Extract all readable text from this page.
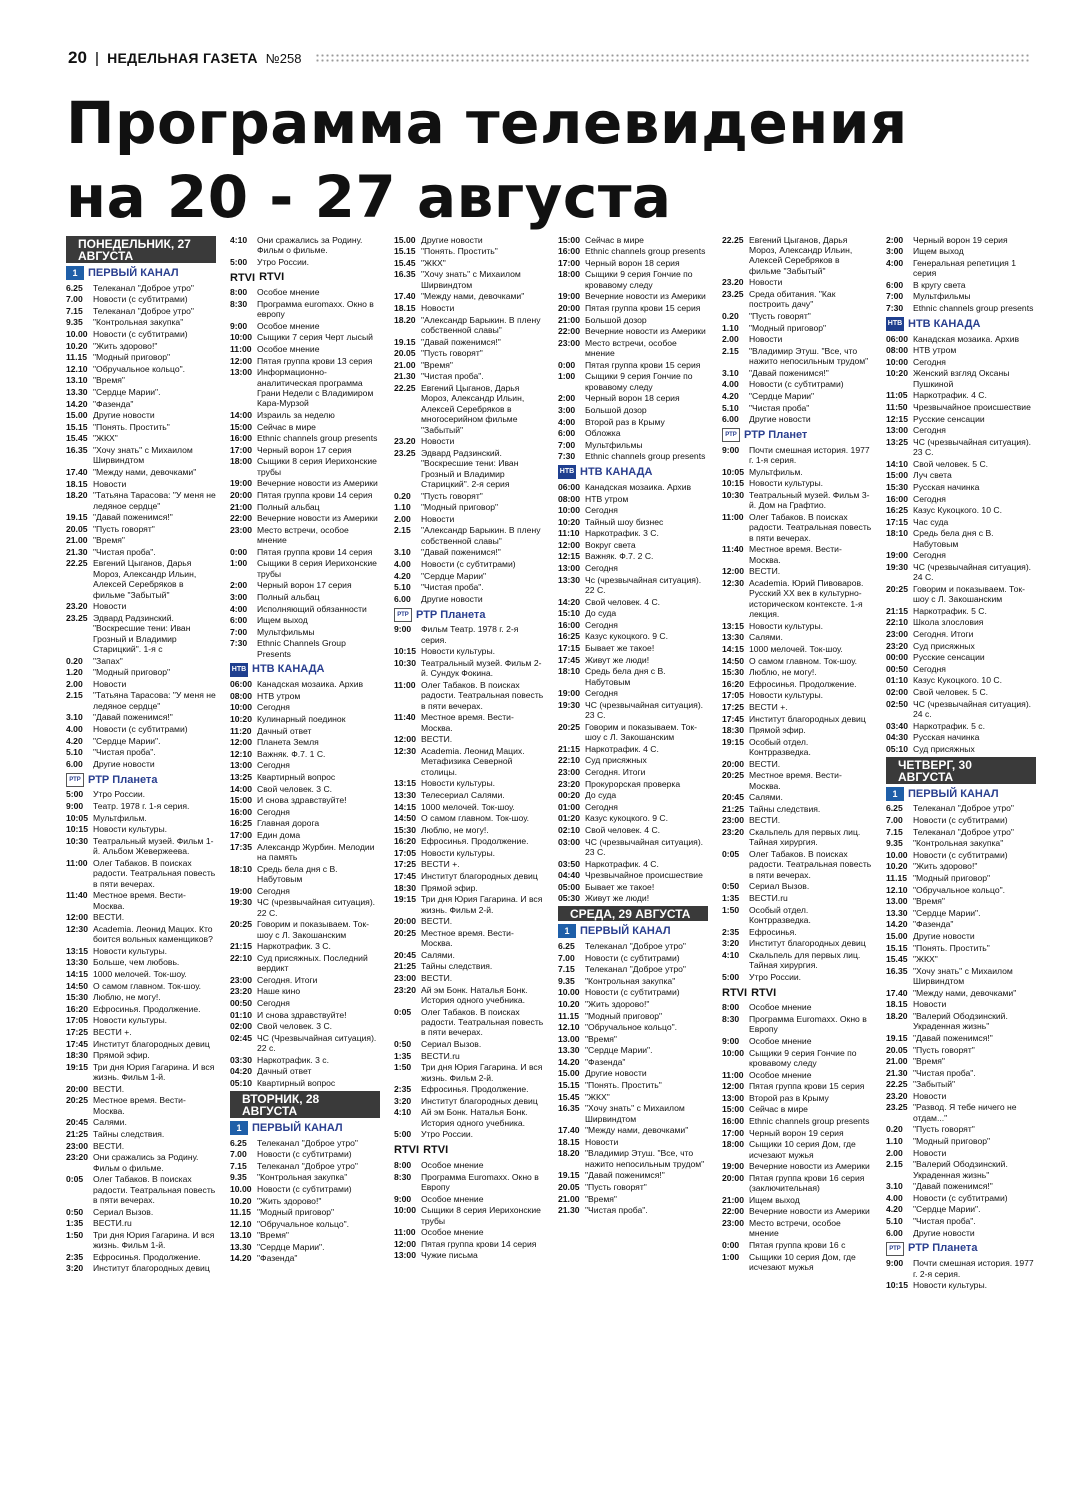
20 | НЕДЕЛЬНАЯ ГАЗЕТА №258
Программа телевидения
на 20 - 27 августа
ПОНЕДЕЛЬНИК, 27 АВГУСТА
1 ПЕРВЫЙ КАНАЛ
6.25	Телеканал "Доброе утро"
7.00	Новости (с субтитрами)
7.15	Телеканал "Доброе утро"
9.35	"Контрольная закупка"
10.00 Новости (с субтитрами)
10.20 "Жить здорово!"
11.15 "Модный приговор"
12.10 "Обручальное кольцо".
13.10 "Время"
13.30 "Сердце Марии".
14.20 "Фазенда"
15.00 Другие новости
15.15 "Понять. Простить"
15.45 "ЖКХ"
16.35 "Хочу знать" с Михаилом Ширвиндтом
17.40 "Между нами, девочками"
18.15 Новости
18.20 "Татьяна Тарасова: "У меня не ледяное сердце"
19.15 "Давай поженимся!"
20.05 "Пусть говорят"
21.00 "Время"
21.30 "Чистая проба".
22.25 Евгений Цыганов, Дарья Мороз, Александр Ильин, Алексей Серебряков в фильме "Забытый"
23.20 Новости
23.25 Эдвард Радзинский. "Воскресшие тени: Иван Грозный и Владимир Старицкий". 1-я с
0.20	"Запах"
1.20	"Модный приговор"
2.00	Новости
2.15	"Татьяна Тарасова: "У меня не ледяное сердце"
3.10	"Давай поженимся!"
4.00	Новости (с субтитрами)
4.20	"Сердце Марии".
5.10	"Чистая проба".
6.00	Другие новости
РТР РТР Планета
5:00	Утро России.
9:00	Театр. 1978 г. 1-я серия.
10:05 Мультфильм.
10:15 Новости культуры.
10:30 Театральный музей. Фильм 1-й. Альбом Жевержеева.
11:00 Олег Табаков. В поисках радости. Театральная повесть в пяти вечерах.
11:40 Местное время. Вести-Москва.
12:00 ВЕСТИ.
12:30 Academia. Леонид Мацих. Кто боится вольных каменщиков?
13:15 Новости культуры.
13:30 Больше, чем любовь.
14:15 1000 мелочей. Ток-шоу.
14:50 О самом главном. Ток-шоу.
15:30 Люблю, не могу!.
16:20 Ефросинья. Продолжение.
17:05 Новости культуры.
17:25 ВЕСТИ +.
17:45 Институт благородных девиц
18:30 Прямой эфир.
19:15 Три дня Юрия Гагарина. И вся жизнь. Фильм 1-й.
20:00 ВЕСТИ.
20:25 Местное время. Вести-Москва.
20:45 Салями.
21:25 Тайны следствия.
23:00 ВЕСТИ.
23:20 Они сражались за Родину. Фильм о фильме.
0:05	Олег Табаков. В поисках радости. Театральная повесть в пяти вечерах.
0:50	Сериал Вызов.
1:35	ВЕСТИ.ru
1:50	Три дня Юрия Гагарина. И вся жизнь. Фильм 1-й.
2:35	Ефросинья. Продолжение.
3:20	Институт благородных девиц
4:10	Они сражались за Родину. Фильм о фильме.
5:00	Утро России.
RTVI RTVI
8:00	Особое мнение
8:30	Программа euromaxx. Окно в европу
9:00	Особое мнение
10:00 Сыщики 7 серия Черт лысый
11:00 Особое мнение
12:00 Пятая группа крови 13 серия
13:00 Информационно-аналитическая программа Грани Недели с Владимиром Кара-Мурзой
14:00 Израиль за неделю
15:00 Сейчас в мире
16:00 Ethnic channels group presents
17:00 Черный ворон 17 серия
18:00 Сыщики 8 серия Иерихонские трубы
19:00 Вечерние новости из Америки
20:00 Пятая группа крови 14 серия
21:00 Полный альбац
22:00 Вечерние новости из Америки
23:00 Место встречи, особое мнение
0:00	Пятая группа крови 14 серия
1:00	Сыщики 8 серия Иерихонские трубы
2:00	Черный ворон 17 серия
3:00	Полный альбац
4:00	Исполняющий обязанности
6:00	Ищем выход
7:00	Мультфильмы
7:30	Ethnic Channels Group Presents
НТВ НТВ КАНАДА
06:00 Канадская мозаика. Архив
08:00 НТВ утром
10:00 Сегодня
10:20 Кулинарный поединок
11:20 Дачный ответ
12:00 Планета Земля
12:10 Важняк. Ф.7. 1 С.
13:00 Сегодня
13:25 Квартирный вопрос
14:00 Свой человек. 3 С.
15:00 И снова здравствуйте!
16:00 Сегодня
16:25 Главная дорога
17:00 Един дома
17:35 Александр Журбин. Мелодии на память
18:10 Средь бела дня с В. Набутовым
19:00 Сегодня
19:30 ЧС (чрезвычайная ситуация). 22 С.
20:25 Говорим и показываем. Ток-шоу с Л. Закошанским
21:15 Наркотрафик. 3 С.
22:10 Суд присяжных. Последний вердикт
23:00 Сегодня. Итоги
23:20 Наше кино
00:50 Сегодня
01:10 И снова здравствуйте!
02:00 Свой человек. 3 С.
02:45 ЧС (Чрезвычайная ситуация). 22 с.
03:30 Наркотрафик. 3 с.
04:20 Дачный ответ
05:10 Квартирный вопрос
ВТОРНИК, 28 АВГУСТА
1 ПЕРВЫЙ КАНАЛ
6.25	Телеканал "Доброе утро"
7.00	Новости (с субтитрами)
7.15	Телеканал "Доброе утро"
9.35	"Контрольная закупка"
10.00 Новости (с субтитрами)
10.20 "Жить здорово!"
11.15 "Модный приговор"
12.10 "Обручальное кольцо".
13.10 "Время"
13.30 "Сердце Марии".
14.20 "Фазенда"
15.00 Другие новости
15.15 "Понять. Простить"
15.45 "ЖКХ"
16.35 "Хочу знать" с Михаилом Ширвиндтом
17.40 "Между нами, девочками"
18.15 Новости
18.20 "Александр Барыкин. В плену собственной славы"
19.15 "Давай поженимся!"
20.05 "Пусть говорят"
21.00 "Время"
21.30 "Чистая проба".
22.25 Евгений Цыганов, Дарья Мороз, Александр Ильин, Алексей Серебряков в многосерийном фильме "Забытый"
23.20 Новости
23.25 Эдвард Радзинский. "Воскресшие тени: Иван Грозный и Владимир Старицкий". 2-я серия
0.20	"Пусть говорят"
1.10	"Модный приговор"
2.00	Новости
2.15	"Александр Барыкин. В плену собственной славы"
3.10	"Давай поженимся!"
4.00	Новости (с субтитрами)
4.20	"Сердце Марии"
5.10	"Чистая проба".
6.00	Другие новости
РТР РТР Планета
9:00	Фильм Театр. 1978 г. 2-я серия.
10:15 Новости культуры.
10:30 Театральный музей. Фильм 2-й. Сундук Фокина.
11:00 Олег Табаков. В поисках радости. Театральная повесть в пяти вечерах.
11:40 Местное время. Вести-Москва.
12:00 ВЕСТИ.
12:30 Academia. Леонид Мацих. Метафизика Северной столицы.
13:15 Новости культуры.
13:30 Телесериал Салями.
14:15 1000 мелочей. Ток-шоу.
14:50 О самом главном. Ток-шоу.
15:30 Люблю, не могу!.
16:20 Ефросинья. Продолжение.
17:05 Новости культуры.
17:25 ВЕСТИ +.
17:45 Институт благородных девиц
18:30 Прямой эфир.
19:15 Три дня Юрия Гагарина. И вся жизнь. Фильм 2-й.
20:00 ВЕСТИ.
20:25 Местное время. Вести-Москва.
20:45 Салями.
21:25 Тайны следствия.
23:00 ВЕСТИ.
23:20 Ай эм Бонк. Наталья Бонк. История одного учебника.
0:05	Олег Табаков. В поисках радости. Театральная повесть в пяти вечерах.
0:50	Сериал Вызов.
1:35	ВЕСТИ.ru
1:50	Три дня Юрия Гагарина. И вся жизнь. Фильм 2-й.
2:35	Ефросинья. Продолжение.
3:20	Институт благородных девиц
4:10	Ай эм Бонк. Наталья Бонк. История одного учебника.
5:00	Утро России.
RTVI RTVI
8:00	Особое мнение
8:30	Программа Euromaxx. Окно в Европу
9:00	Особое мнение
10:00 Сыщики 8 серия Иерихонские трубы
11:00 Особое мнение
12:00 Пятая группа крови 14 серия
13:00 Чужие письма
15:00 Сейчас в мире
16:00 Ethnic channels group presents
17:00 Черный ворон 18 серия
18:00 Сыщики 9 серия Гончие по кровавому следу
19:00 Вечерние новости из Америки
20:00 Пятая группа крови 15 серия
21:00 Большой дозор
22:00 Вечерние новости из Америки
23:00 Место встречи, особое мнение
0:00	Пятая группа крови 15 серия
1:00	Сыщики 9 серия Гончие по кровавому следу
2:00	Черный ворон 18 серия
3:00	Большой дозор
4:00	Второй раз в Крыму
6:00	Обложка
7:00	Мультфильмы
7:30	Ethnic channels group presents
НТВ НТВ КАНАДА
06:00 Канадская мозаика. Архив
08:00 НТВ утром
10:00 Сегодня
10:20 Тайный шоу бизнес
11:10 Наркотрафик. 3 С.
12:00 Вокруг света
12:15 Важняк. Ф.7. 2 С.
13:00 Сегодня
13:30 Чс (чрезвычайная ситуация). 22 С.
14:20 Свой человек. 4 С.
15:10 До суда
16:00 Сегодня
16:25 Казус кукоцкого. 9 С.
17:15 Бывает же такое!
17:45 Живут же люди!
18:10 Средь бела дня с В. Набутовым
19:00 Сегодня
19:30 ЧС (чрезвычайная ситуация). 23 С.
20:25 Говорим и показываем. Ток-шоу с Л. Закошанским
21:15 Наркотрафик. 4 С.
22:10 Суд присяжных
23:00 Сегодня. Итоги
23:20 Прокурорская проверка
00:20 До суда
01:00 Сегодня
01:20 Казус кукоцкого. 9 С.
02:10 Свой человек. 4 С.
03:00 ЧС (чрезвычайная ситуация). 23 С.
03:50 Наркотрафик. 4 С.
04:40 Чрезвычайное происшествие
05:00 Бывает же такое!
05:30 Живут же люди!
СРЕДА, 29 АВГУСТА
1 ПЕРВЫЙ КАНАЛ
6.25	Телеканал "Доброе утро"
7.00	Новости (с субтитрами)
7.15	Телеканал "Доброе утро"
9.35	"Контрольная закупка"
10.00 Новости (с субтитрами)
10.20 "Жить здорово!"
11.15 "Модный приговор"
12.10 "Обручальное кольцо".
13.00 "Время"
13.30 "Сердце Марии".
14.20 "Фазенда"
15.00 Другие новости
15.15 "Понять. Простить"
15.45 "ЖКХ"
16.35 "Хочу знать" с Михаилом Ширвиндтом
17.40 "Между нами, девочками"
18.15 Новости
18.20 "Владимир Этуш. "Все, что нажито непосильным трудом"
19.15 "Давай поженимся!"
20.05 "Пусть говорят"
21.00 "Время"
21.30 "Чистая проба".
22.25 Евгений Цыганов, Дарья Мороз, Александр Ильин, Алексей Серебряков в фильме "Забытый"
23.20 Новости
23.25 Среда обитания. "Как построить дачу"
0.20	"Пусть говорят"
1.10	"Модный приговор"
2.00	Новости
2.15	"Владимир Этуш. "Все, что нажито непосильным трудом"
3.10	"Давай поженимся!"
4.00	Новости (с субтитрами)
4.20	"Сердце Марии"
5.10	"Чистая проба"
6.00	Другие новости
РТР РТР Планет
9:00	Почти смешная история. 1977 г. 1-я серия.
10:05 Мультфильм.
10:15 Новости культуры.
10:30 Театральный музей. Фильм 3-й. Дом на Графтио.
11:00 Олег Табаков. В поисках радости. Театральная повесть в пяти вечерах.
11:40 Местное время. Вести-Москва.
12:00 ВЕСТИ.
12:30 Academia. Юрий Пивоваров. Русский XX век в культурно-историческом контексте. 1-я лекция.
13:15 Новости культуры.
13:30 Салями.
14:15 1000 мелочей. Ток-шоу.
14:50 О самом главном. Ток-шоу.
15:30 Люблю, не могу!.
16:20 Ефросинья. Продолжение.
17:05 Новости культуры.
17:25 ВЕСТИ +.
17:45 Институт благородных девиц
18:30 Прямой эфир.
19:15 Особый отдел. Контрразведка.
20:00 ВЕСТИ.
20:25 Местное время. Вести-Москва.
20:45 Салями.
21:25 Тайны следствия.
23:00 ВЕСТИ.
23:20 Скальпель для первых лиц. Тайная хирургия.
0:05	Олег Табаков. В поисках радости. Театральная повесть в пяти вечерах.
0:50	Сериал Вызов.
1:35	ВЕСТИ.ru
1:50	Особый отдел. Контрразведка.
2:35	Ефросинья.
3:20	Институт благородных девиц
4:10	Скальпель для первых лиц. Тайная хирургия.
5:00	Утро России.
RTVI RTVI
8:00	Особое мнение
8:30	Программа Euromaxx. Окно в Европу
9:00	Особое мнение
10:00 Сыщики 9 серия Гончие по кровавому следу
11:00 Особое мнение
12:00 Пятая группа крови 15 серия
13:00 Второй раз в Крыму
15:00 Сейчас в мире
16:00 Ethnic channels group presents
17:00 Черный ворон 19 серия
18:00 Сыщики 10 серия Дом, где исчезают мужья
19:00 Вечерние новости из Америки
20:00 Пятая группа крови 16 серия (заключительная)
21:00 Ищем выход
22:00 Вечерние новости из Америки
23:00 Место встречи, особое мнение
0:00	Пятая группа крови 16 с
1:00	Сыщики 10 серия Дом, где исчезают мужья
2:00	Черный ворон 19 серия
3:00	Ищем выход
4:00	Генеральная репетиция 1 серия
6:00	В кругу света
7:00	Мультфильмы
7:30	Ethnic channels group presents
НТВ НТВ КАНАДА
06:00 Канадская мозаика. Архив
08:00 НТВ утром
10:00 Сегодня
10:20 Женский взгляд Оксаны Пушкиной
11:05 Наркотрафик. 4 С.
11:50 Чрезвычайное происшествие
12:15 Русские сенсации
13:00 Сегодня
13:25 ЧС (чрезвычайная ситуация). 23 С.
14:10 Свой человек. 5 С.
15:00 Луч света
15:30 Русская начинка
16:00 Сегодня
16:25 Казус Кукоцкого. 10 С.
17:15 Час суда
18:10 Средь бела дня с В. Набутовым
19:00 Сегодня
19:30 ЧС (чрезвычайная ситуация). 24 С.
20:25 Говорим и показываем. Ток-шоу с Л. Закошанским
21:15 Наркотрафик. 5 С.
22:10 Школа злословия
23:00 Сегодня. Итоги
23:20 Суд присяжных
00:00 Русские сенсации
00:50 Сегодня
01:10 Казус Кукоцкого. 10 С.
02:00 Свой человек. 5 С.
02:50 ЧС (чрезвычайная ситуация). 24 с.
03:40 Наркотрафик. 5 с.
04:30 Русская начинка
05:10 Суд присяжных
ЧЕТВЕРГ, 30 АВГУСТА
1 ПЕРВЫЙ КАНАЛ
6.25	Телеканал "Доброе утро"
7.00	Новости (с субтитрами)
7.15	Телеканал "Доброе утро"
9.35	"Контрольная закупка"
10.00 Новости (с субтитрами)
10.20 "Жить здорово!"
11.15 "Модный приговор"
12.10 "Обручальное кольцо".
13.00 "Время"
13.30 "Сердце Марии".
14.20 "Фазенда"
15.00 Другие новости
15.15 "Понять. Простить"
15.45 "ЖКХ"
16.35 "Хочу знать" с Михаилом Ширвиндтом
17.40 "Между нами, девочками"
18.15 Новости
18.20 "Валерий Ободзинский. Украденная жизнь"
19.15 "Давай поженимся!"
20.05 "Пусть говорят"
21.00 "Время"
21.30 "Чистая проба".
22.25 "Забытый"
23.20 Новости
23.25 "Развод. Я тебе ничего не отдам..."
0.20	"Пусть говорят"
1.10	"Модный приговор"
2.00	Новости
2.15	"Валерий Ободзинский. Украденная жизнь"
3.10	"Давай поженимся!"
4.00	Новости (с субтитрами)
4.20	"Сердце Марии".
5.10	"Чистая проба".
6.00	Другие новости
РТР РТР Планета
9:00	Почти смешная история. 1977 г. 2-я серия.
10:15 Новости культуры.
